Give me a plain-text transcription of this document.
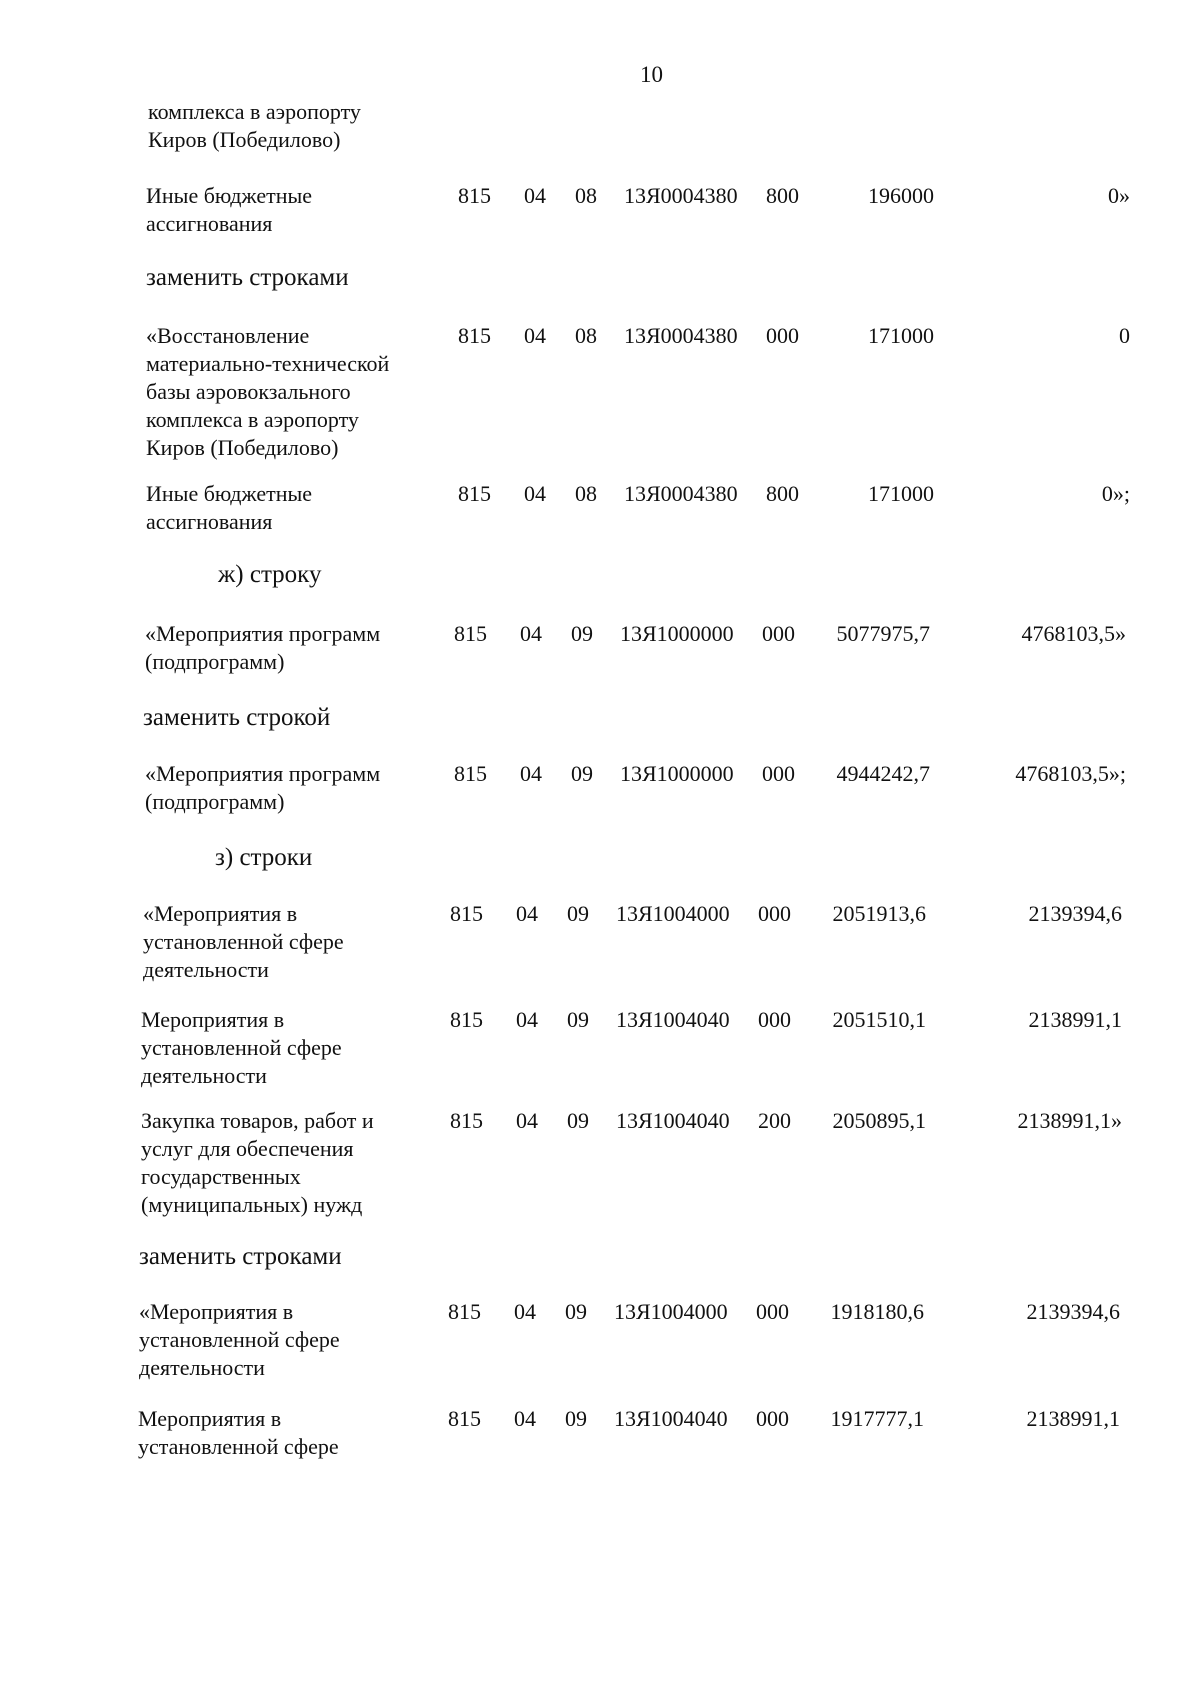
10
комплекса в аэропорту
Киров (Победилово)
Иные бюджетные
ассигнования
815 04 08 13Я0004380 800	196000	0»
заменить строками
«Восстановление
материально-технической
базы аэровокзального
комплекса в аэропорту
Киров (Победилово)
815 04 08 13Я0004380 000	171000	0
Иные бюджетные
ассигнования
815 04 08 13Я0004380 800	171000	0»;
ж) строку
«Мероприятия программ
(подпрограмм)
815 04 09 13Я1000000 000 5077975,7	4768103,5»
заменить строкой
«Мероприятия программ
(подпрограмм)
815 04 09 13Я1000000 000 4944242,7	4768103,5»;
з) строки
«Мероприятия в
установленной сфере
деятельности
815 04 09 13Я1004000 000 2051913,6	2139394,6
Мероприятия в
установленной сфере
деятельности
815 04 09 13Я1004040 000 2051510,1	2138991,1
Закупка товаров, работ и
услуг для обеспечения
государственных
(муниципальных) нужд
815 04 09 13Я1004040 200 2050895,1	2138991,1»
заменить строками
«Мероприятия в
установленной сфере
деятельности
815 04 09 13Я1004000 000 1918180,6	2139394,6
Мероприятия в
установленной сфере
815 04 09 13Я1004040 000 1917777,1	2138991,1
